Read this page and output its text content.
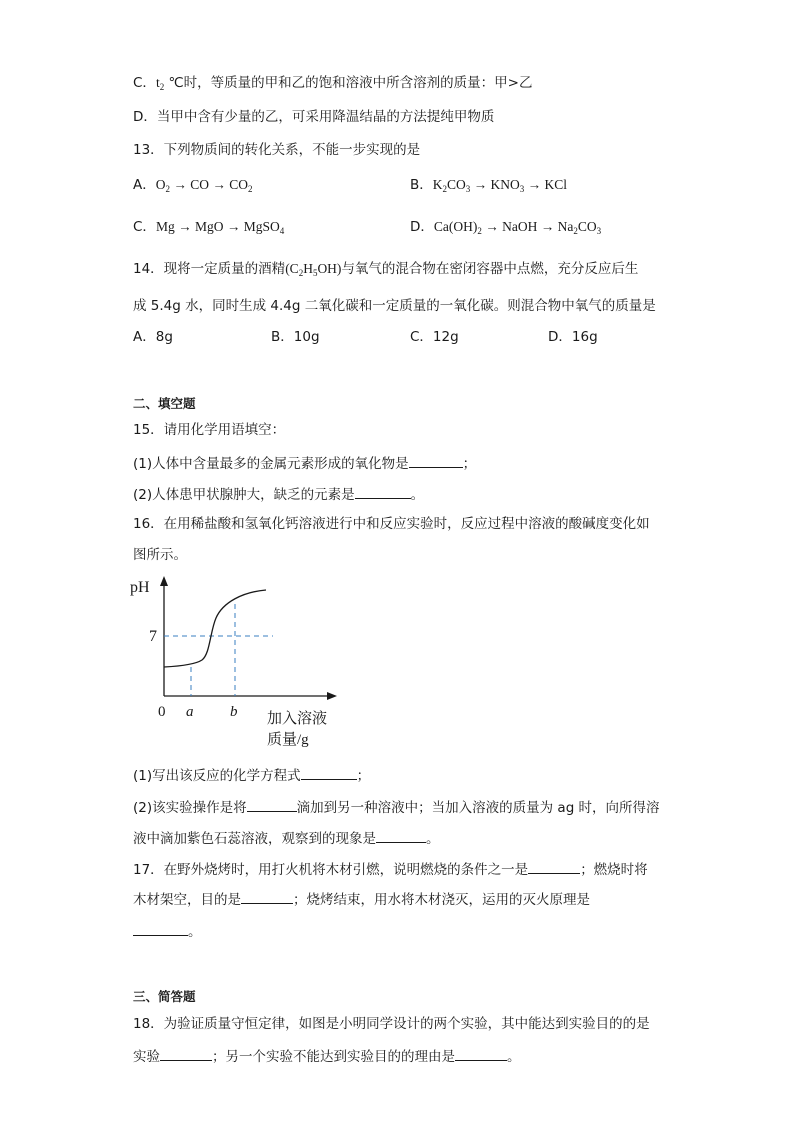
C．$t_2$ ℃时，等质量的甲和乙的饱和溶液中所含溶剂的质量：甲>乙
D．当甲中含有少量的乙，可采用降温结晶的方法提纯甲物质
13．下列物质间的转化关系，不能一步实现的是
A．$O_2$ → CO → $CO_2$	B．$K_2CO_3 \to KNO_3$ → KCl
C．Mg → MgO → MgSO$_4$	D．$Ca(OH)_2$ → NaOH → $Na_2CO_3$
14．现将一定质量的酒精$(C_2H_5OH)$与氧气的混合物在密闭容器中点燃，充分反应后生
成 5.4g 水，同时生成 4.4g 二氧化碳和一定质量的一氧化碳。则混合物中氧气的质量是
A．8g	B．10g	C．12g	D．16g
二、填空题
15．请用化学用语填空：
(1)人体中含量最多的金属元素形成的氧化物是	；
(2)人体患甲状腺肿大，缺乏的元素是	。
16．在用稀盐酸和氢氧化钙溶液进行中和反应实验时，反应过程中溶液的酸碱度变化如
图所示。
pH
7
0 a b 加入溶液
质量/g
(1)写出该反应的化学方程式	；
(2)该实验操作是将	滴加到另一种溶液中；当加入溶液的质量为 ag 时，向所得溶
液中滴加紫色石蕊溶液，观察到的现象是	。
17．在野外烧烤时，用打火机将木材引燃，说明燃烧的条件之一是	；燃烧时将
木材架空，目的是	；烧烤结束，用水将木材浇灭，运用的灭火原理是
。
三、简答题
18．为验证质量守恒定律，如图是小明同学设计的两个实验，其中能达到实验目的的是
实验	；另一个实验不能达到实验目的的理由是	。
